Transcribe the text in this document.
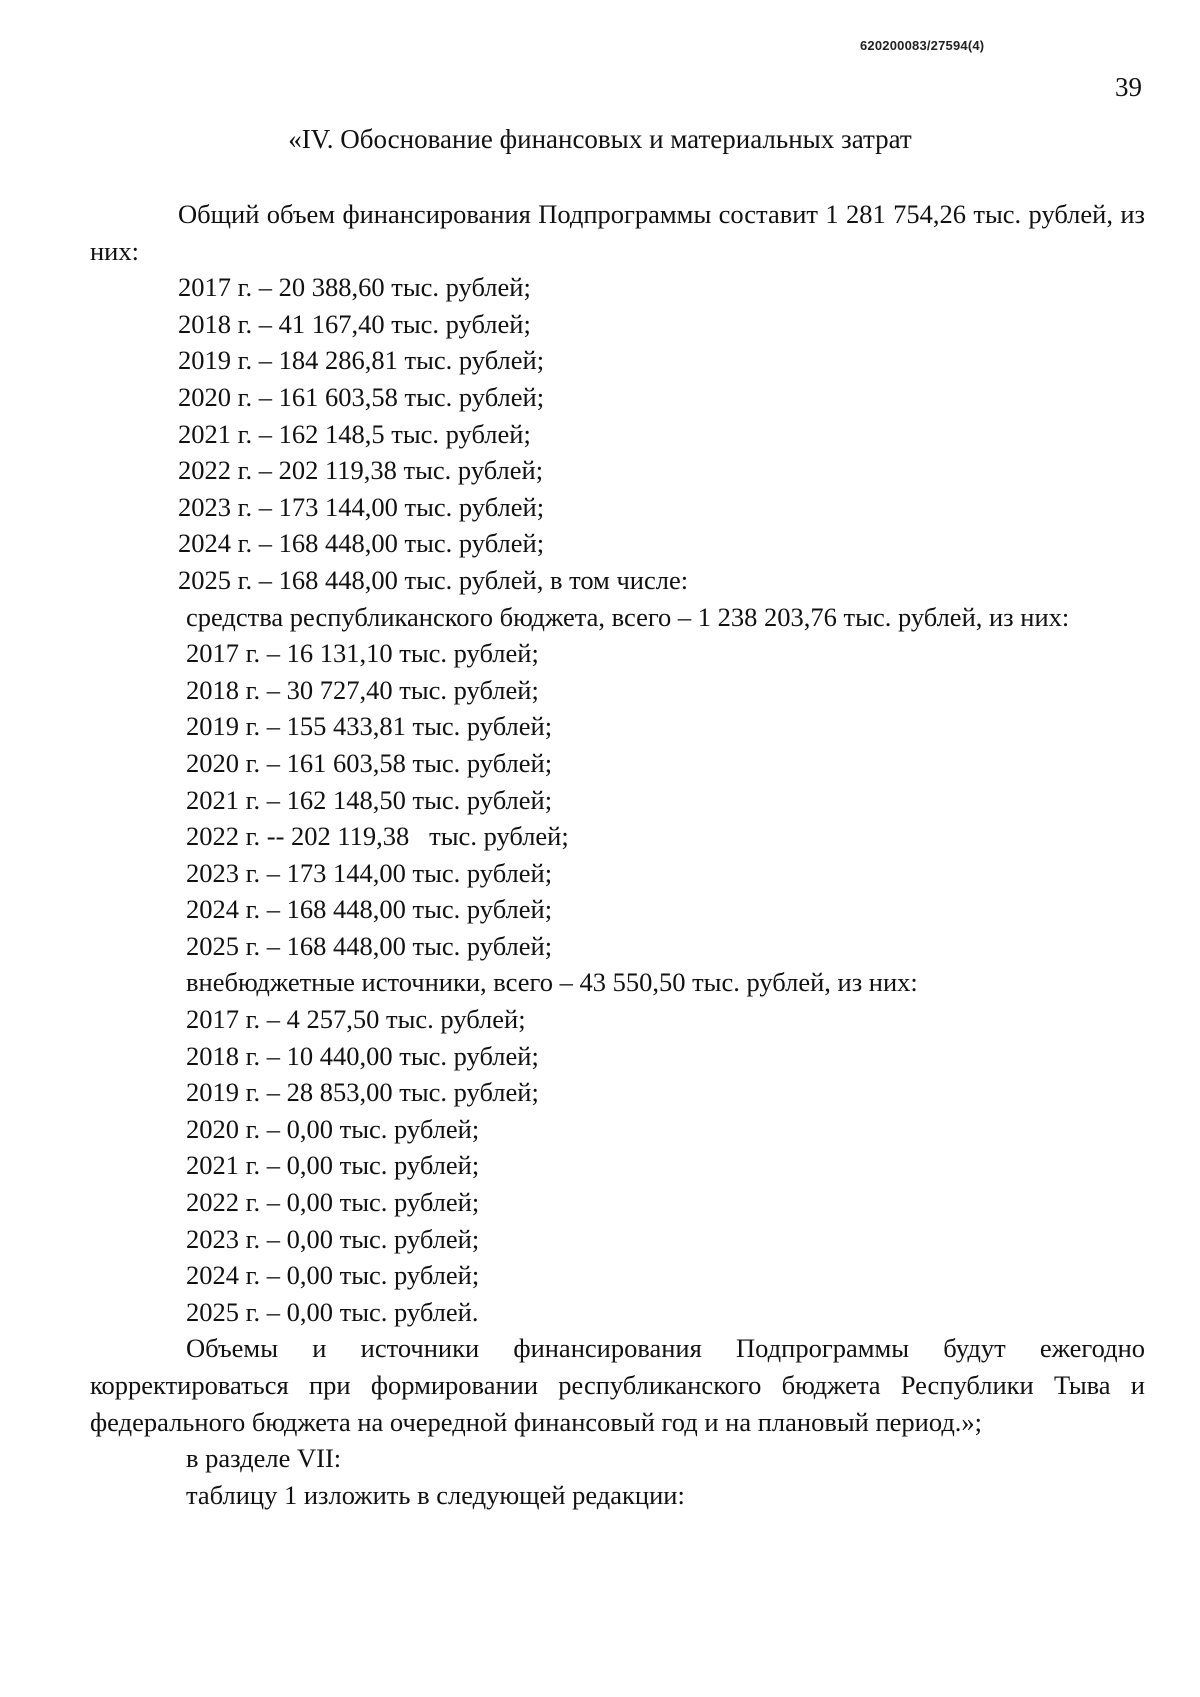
620200083/27594(4)
39
«IV. Обоснование финансовых и материальных затрат
Общий объем финансирования Подпрограммы составит 1 281 754,26 тыс. рублей, из них:
2017 г. – 20 388,60 тыс. рублей;
2018 г. – 41 167,40 тыс. рублей;
2019 г. – 184 286,81 тыс. рублей;
2020 г. – 161 603,58 тыс. рублей;
2021 г. – 162 148,5 тыс. рублей;
2022 г. – 202 119,38 тыс. рублей;
2023 г. – 173 144,00 тыс. рублей;
2024 г. – 168 448,00 тыс. рублей;
2025 г. – 168 448,00 тыс. рублей, в том числе:
средства республиканского бюджета, всего – 1 238 203,76 тыс. рублей, из них:
2017 г. – 16 131,10 тыс. рублей;
2018 г. – 30 727,40 тыс. рублей;
2019 г. – 155 433,81 тыс. рублей;
2020 г. – 161 603,58 тыс. рублей;
2021 г. – 162 148,50 тыс. рублей;
2022 г. -- 202 119,38   тыс. рублей;
2023 г. – 173 144,00 тыс. рублей;
2024 г. – 168 448,00 тыс. рублей;
2025 г. – 168 448,00 тыс. рублей;
внебюджетные источники, всего – 43 550,50 тыс. рублей, из них:
2017 г. – 4 257,50 тыс. рублей;
2018 г. – 10 440,00 тыс. рублей;
2019 г. – 28 853,00 тыс. рублей;
2020 г. – 0,00 тыс. рублей;
2021 г. – 0,00 тыс. рублей;
2022 г. – 0,00 тыс. рублей;
2023 г. – 0,00 тыс. рублей;
2024 г. – 0,00 тыс. рублей;
2025 г. – 0,00 тыс. рублей.
Объемы и источники финансирования Подпрограммы будут ежегодно корректироваться при формировании республиканского бюджета Республики Тыва и федерального бюджета на очередной финансовый год и на плановый период.»;
в разделе VII:
таблицу 1 изложить в следующей редакции:
